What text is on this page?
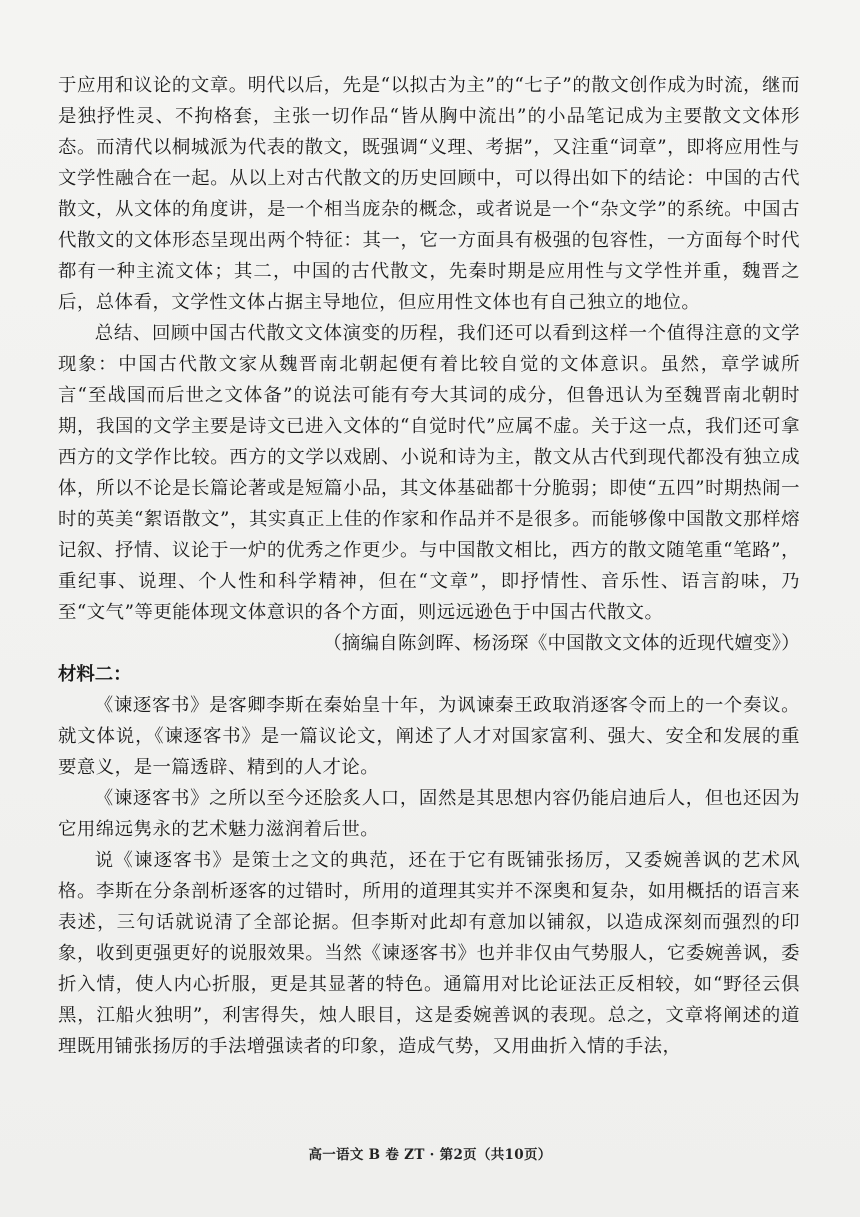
于应用和议论的文章。明代以后，先是“以拟古为主”的“七子”的散文创作成为时流，继而是独抒性灵、不拘格套，主张一切作品“皆从胸中流出”的小品笔记成为主要散文文体形态。而清代以桐城派为代表的散文，既强调“义理、考据”，又注重“词章”，即将应用性与文学性融合在一起。从以上对古代散文的历史回顾中，可以得出如下的结论：中国的古代散文，从文体的角度讲，是一个相当庞杂的概念，或者说是一个“杂文学”的系统。中国古代散文的文体形态呈现出两个特征：其一，它一方面具有极强的包容性，一方面每个时代都有一种主流文体；其二，中国的古代散文，先秦时期是应用性与文学性并重，魏晋之后，总体看，文学性文体占据主导地位，但应用性文体也有自己独立的地位。

总结、回顾中国古代散文文体演变的历程，我们还可以看到这样一个值得注意的文学现象：中国古代散文家从魏晋南北朝起便有着比较自觉的文体意识。虽然，章学诚所言“至战国而后世之文体备”的说法可能有夸大其词的成分，但鲁迅认为至魏晋南北朝时期，我国的文学主要是诗文已进入文体的“自觉时代”应属不虚。关于这一点，我们还可拿西方的文学作比较。西方的文学以戏剧、小说和诗为主，散文从古代到现代都没有独立成体，所以不论是长篇论著或是短篇小品，其文体基础都十分脆弱；即使“五四”时期热闹一时的英美“絮语散文”，其实真正上佳的作家和作品并不是很多。而能够像中国散文那样熔记叙、抒情、议论于一炉的优秀之作更少。与中国散文相比，西方的散文随笔重“笔路”，重纪事、说理、个人性和科学精神，但在“文章”，即抒情性、音乐性、语言韵味，乃至“文气”等更能体现文体意识的各个方面，则远远逊色于中国古代散文。

（摘编自陈剑晖、杨汤琛《中国散文文体的近现代嬗变》）

材料二：

《谏逐客书》是客卿李斯在秦始皇十年，为讽谏秦王政取消逐客令而上的一个奏议。就文体说，《谏逐客书》是一篇议论文，阐述了人才对国家富利、强大、安全和发展的重要意义，是一篇透辟、精到的人才论。

《谏逐客书》之所以至今还脍炙人口，固然是其思想内容仍能启迪后人，但也还因为它用绵远隽永的艺术魅力滋润着后世。

说《谏逐客书》是策士之文的典范，还在于它有既铺张扬厉，又委婉善讽的艺术风格。李斯在分条剖析逐客的过错时，所用的道理其实并不深奥和复杂，如用概括的语言来表述，三句话就说清了全部论据。但李斯对此却有意加以铺叙，以造成深刻而强烈的印象，收到更强更好的说服效果。当然《谏逐客书》也并非仅由气势服人，它委婉善讽，委折入情，使人内心折服，更是其显著的特色。通篇用对比论证法正反相较，如“野径云俱黑，江船火独明”，利害得失，烛人眼目，这是委婉善讽的表现。总之，文章将阐述的道理既用铺张扬厉的手法增强读者的印象，造成气势，又用曲折入情的手法，

高一语文 B 卷 ZT · 第2页（共10页）
